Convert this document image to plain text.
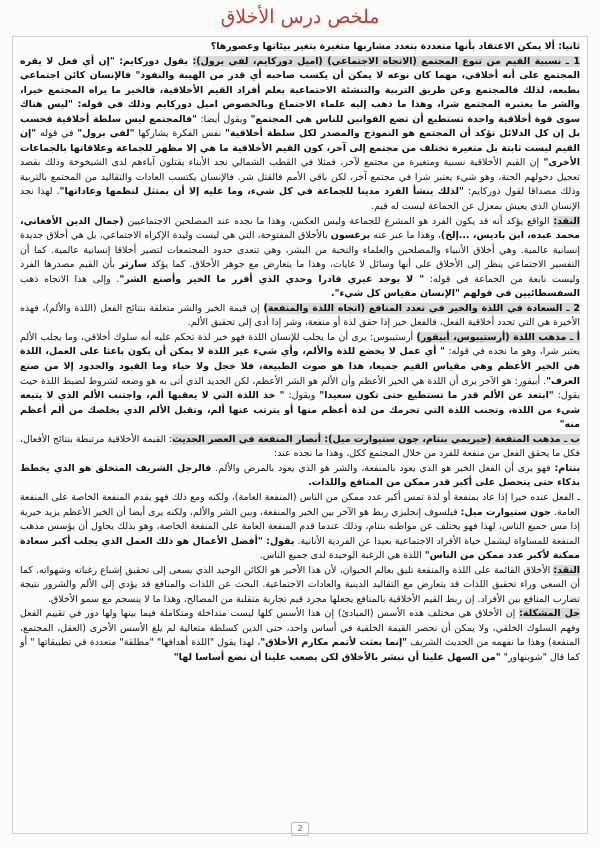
ملخص درس الأخلاق

ثانيا: ألا يمكن الاعتقاد بأنها متعددة بتعدد مشاربها متغيرة بتغير بيئاتها وعصورها؟

1 ـ نسبية القيم من تنوع المجتمع (الاتجاه الاجتماعي) (اميل دوركايم، لفي برول): يقول دوركايم: "إن أي فعل لا يقره المجتمع على أنه أخلاقي، مهما كان نوعه لا يمكن أن يكسب صاحبه أي قدر من الهيبة والنفوذ" فالإنسان كائن اجتماعي بطبعه، لذلك فالمجتمع وعن طريق التربية والتنشئة الاجتماعية يعلم أفراد القيم الأخلاقية، فالخير ما يراه المجتمع خيرا، والشر ما يعتبره المجتمع شرا، وهذا ما ذهب إليه علماء الاجتماع وبالخصوص اميل دوركايم وذلك في قوله: "ليس هناك سوى قوة أخلاقية واحدة تستطيع أن تضع القوانين للناس هي المجتمع" ويقول أيضا: "فالمجتمع ليس سلطة أخلاقية فحسب بل إن كل الدلائل تؤكد أن المجتمع هو النموذج والمصدر لكل سلطة أخلاقية" نفس الفكرة يشاركها "لفي برول" في قوله "إن القيم ليست ثابتة بل متغيرة تختلف من مجتمع إلى آخر، كون القيم الأخلاقية ما هي إلا مظهر للجماعة وعلاقاتها بالجماعات الأخرى" إن القيم الأخلاقية نسبية ومتغيرة من مجتمع لآخر، فمثلا في القطب الشمالي نجد الأبناء يقتلون آباءهم لدى الشيخوخة وذلك بقصد تعجيل دخولهم الجنة، وهو شيء يعتبر شرا في مجتمع آخر، لكن باقي الأمم فالقتل شر. فالإنسان يكتسب العادات والتقاليد من المجتمع بالتربية وذلك مصداقا لقول دوركايم: "لذلك ينشأ الفرد مدينا للجماعة في كل شيء، وما عليه إلا أن يمتثل لنظمها وعاداتها". لهذا نجد الإنسان الذي يعيش بمعزل عن الجماعة ليست له قيم.

النقد: الواقع يؤكد أنه قد يكون الفرد هو المشرع للجماعة وليس العكس، وهذا ما نجده عند المصلحين الاجتماعيين (جمال الدين الأفغاني، محمد عبده، ابن باديس، ...إلخ)، وهذا ما عبر عنه برغسون بالأخلاق المفتوحة، التي هي ليست وليدة الإكراه الاجتماعي، بل هي أخلاق جديدة إنسانية عالمية. وهي أخلاق الأنبياء والمصلحين والعلماء والنخبة من البشر، وهي تتعدى حدود المجتمعات لتصير أخلاقا إنسانية عالمية. كما أن التفسير الاجتماعي ينظر إلى الأخلاق على أنها وسائل لا غايات، وهذا ما يتعارض مع جوهر الأخلاق. كما يؤكد سارتر بأن القيم مصدرها الفرد وليست نابعة من الجماعة في قوله: " لا يوجد غيري قادرا وحدي الذي أقرر ما الخير وأصنع الشر". وإلى هذا الاتجاه ذهب السفسطائيين في قولهم "الإنسان مقياس كل شيء".

2 ـ السعادة في اللذة والخير في تعدد المنافع (اتجاه اللذة والمنفعة) إن قيمة الخير والشر متعلقة بنتائج الفعل (اللذة والألم)، فهذه الأخيرة هي التي تحدد أخلاقية الفعل، فالفعل خير إذا حقق لذة أو منفعة، وشر إذا أدى إلى تحقيق الألم.

أ ـ مذهب اللذة (أرستيبوس، أبيقور) أرستيبوس: يرى أن ما يجلب للإنسان اللذة فهو خير لذة تحكم عليه أنه سلوك أخلاقي، وما يجلب الألم يعتبر شرا، وهو ما نجده في قوله: " أي عمل لا يخضع للذة والألم، وأي شيء غير اللذة لا يمكن أن يكون باعثا على العمل، اللذة هي الخير الأعظم وهي مقياس القيم جميعا، هذا هو صوت الطبيعة، فلا خجل ولا حياء وما القيود والحدود إلا من صنع العرف". أبيقور: هو الآخر يرى أن اللذة هي الخير الأعظم وأن الألم هو الشر الأعظم، لكن الجديد الذي أتى به هو وضعه لشروط لضبط اللذة حيث يقول: "ابتعد عن الألم قدر ما تستطيع حتى تكون سعيدا" ويقول: " خذ اللذة التي لا يعقبها ألم، واجتنب الألم الذي لا يتبعه شيء من اللذة، وتجنب اللذة التي تحرمك من لذة أعظم منها أو يترتب عنها ألم، وتقبل الألم الذي يخلصك من ألم أعظم منه"

ب ـ مذهب المنفعة (جيريمي بنتام، جون ستيوارت ميل): أنصار المنفعة في العصر الحديث: القيمة الأخلاقية مرتبطة بنتائج الأفعال، فكل ما يحقق الفعل من منفعة للفرد من خلال المجتمع ككل، وهذا ما نجده عند:

بنتام: فهو يرى أن الفعل الخير هو الذي يعود بالمنفعة، والشر هو الذي يعود بالمرض والألم. فالرجل الشريف المتخلق هو الذي يخطط بذكاء حتى يتحصل على أكبر قدر ممكن من المنافع واللذات.

ـ الفعل عنده خيرا إذا عاد بمنفعة أو لذة تمس أكبر عدد ممكن من الناس (المنفعة العامة)، ولكنه ومع ذلك فهو يقدم المنفعة الخاصة على المنفعة العامة. جون ستيوارت ميل: فيلسوف إنجليزي ربط هو الآخر بين الخير والمنفعة، وبين الشر والألم، ولكنه يرى أيضا أن الخير الأعظم يزيد خيرية إذا مس جميع الناس، لهذا فهو يختلف عن مواطنه بنتام، وذلك عندما قدم المنفعة العامة على المنفعة الخاصة، وهو بذلك يحاول أن يؤسس مذهب المنفعة للمساواة ليشمل حياة الأفراد الاجتماعية بعيدا عن الفردية الأنانية. يقول: "أفضل الأعمال هو ذلك العمل الذي يجلب أكبر سعادة ممكنة لأكبر عدد ممكن من الناس" اللذة هي الرغبة الوحيدة لدى جميع الناس.

النقد: الأخلاق القائمة على اللذة والمنفعة تليق بعالم الحيوان، لأن هذا الأخير هو الكائن الوحيد الذي يسعى إلى تحقيق إشباع رغباته وشهواته. كما أن السعي وراء تحقيق اللذات قد يتعارض مع التقاليد الدينية والعادات الاجتماعية. البحث عن اللذات والمنافع قد يؤدي إلى الألم والشرور نتيجة تضارب المنافع بين الأفراد. إن ربط القيم الأخلاقية بالمنافع يجعلها مجرد قيم تجارية متقلبة من المصالح، وهذا ما لا ينسجم مع سمو الأخلاق.

حل المشكلة: إن الأخلاق هي مختلف هذه الأسس (المبادئ) إن هذا الأسس كلها ليست متداخلة ومتكاملة فيما بينها ولها دور في تقييم الفعل وفهم السلوك الخلقي، ولا يمكن أن نحصر القيمة الخلقية في أساس واحد، حتى الدين كسلطة متعالية لم يلغ الأسس الأخرى (العقل، المجتمع، المنفعة) وهذا ما نفهمه من الحديث الشريف "إنما بعثت لأتمم مكارم الأخلاق"، لهذا يقول "اللذة أهدافها" "مطلقة" متعددة في تطبيقاتها " أو كما قال "شوبنهاور" "من السهل علينا أن نبشر بالأخلاق لكن يصعب علينا أن نضع أساسا لها"

2
